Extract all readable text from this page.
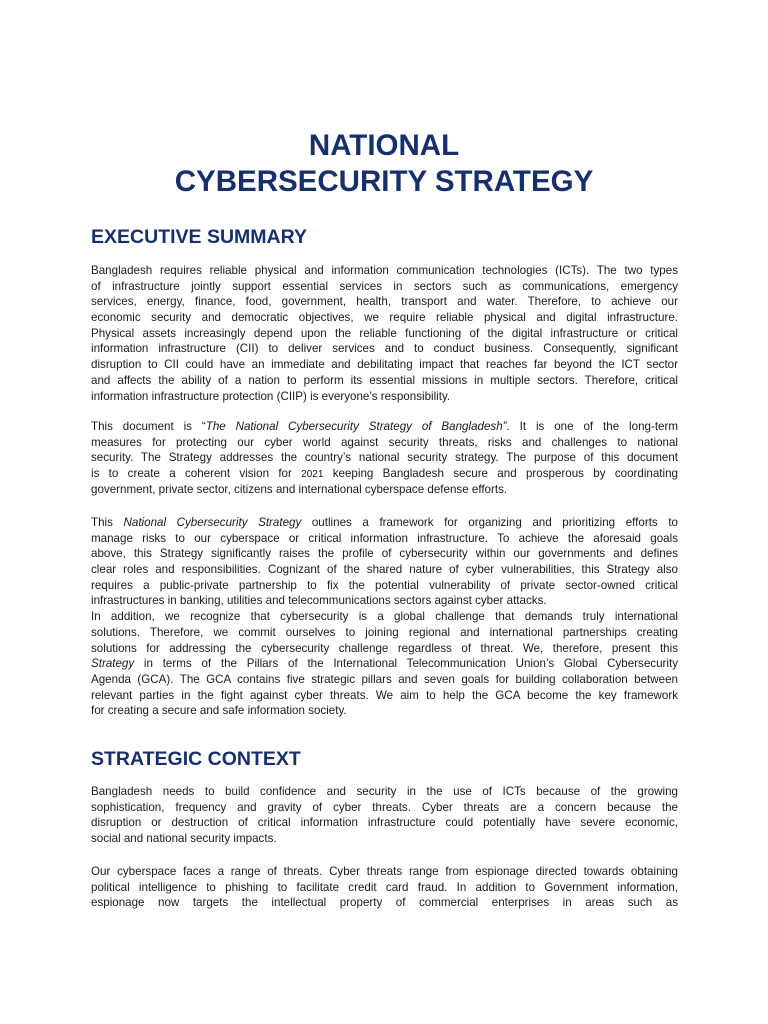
NATIONAL
CYBERSECURITY STRATEGY
EXECUTIVE SUMMARY
Bangladesh requires reliable physical and information communication technologies (ICTs). The two types
of infrastructure jointly support essential services in sectors such as communications, emergency
services, energy, finance, food, government, health, transport and water. Therefore, to achieve our
economic security and democratic objectives, we require reliable physical and digital infrastructure.
Physical assets increasingly depend upon the reliable functioning of the digital infrastructure or critical
information infrastructure (CII) to deliver services and to conduct business. Consequently, significant
disruption to CII could have an immediate and debilitating impact that reaches far beyond the ICT sector
and affects the ability of a nation to perform its essential missions in multiple sectors. Therefore, critical
information infrastructure protection (CIIP) is everyone’s responsibility.
This document is “The National Cybersecurity Strategy of Bangladesh”. It is one of the long-term
measures for protecting our cyber world against security threats, risks and challenges to national
security. The Strategy addresses the country’s national security strategy. The purpose of this document
is to create a coherent vision for 2021 keeping Bangladesh secure and prosperous by coordinating
government, private sector, citizens and international cyberspace defense efforts.
This National Cybersecurity Strategy outlines a framework for organizing and prioritizing efforts to
manage risks to our cyberspace or critical information infrastructure. To achieve the aforesaid goals
above, this Strategy significantly raises the profile of cybersecurity within our governments and defines
clear roles and responsibilities. Cognizant of the shared nature of cyber vulnerabilities, this Strategy also
requires a public-private partnership to fix the potential vulnerability of private sector-owned critical
infrastructures in banking, utilities and telecommunications sectors against cyber attacks.
In addition, we recognize that cybersecurity is a global challenge that demands truly international
solutions. Therefore, we commit ourselves to joining regional and international partnerships creating
solutions for addressing the cybersecurity challenge regardless of threat. We, therefore, present this
Strategy in terms of the Pillars of the International Telecommunication Union’s Global Cybersecurity
Agenda (GCA). The GCA contains five strategic pillars and seven goals for building collaboration between
relevant parties in the fight against cyber threats. We aim to help the GCA become the key framework
for creating a secure and safe information society.
STRATEGIC CONTEXT
Bangladesh needs to build confidence and security in the use of ICTs because of the growing
sophistication, frequency and gravity of cyber threats. Cyber threats are a concern because the
disruption or destruction of critical information infrastructure could potentially have severe economic,
social and national security impacts.
Our cyberspace faces a range of threats. Cyber threats range from espionage directed towards obtaining
political intelligence to phishing to facilitate credit card fraud. In addition to Government information,
espionage now targets the intellectual property of commercial enterprises in areas such as
